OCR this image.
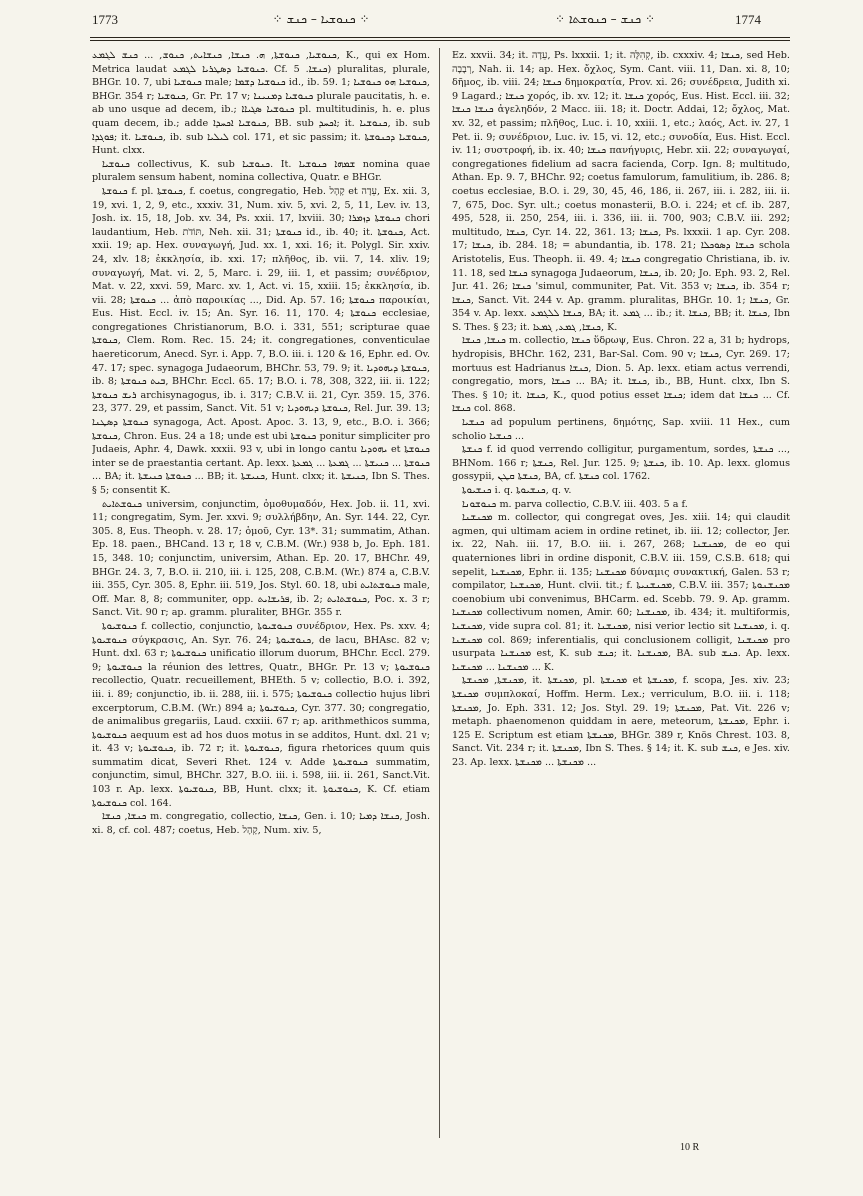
1773	⁘ ܟܢܘܫܝܐ – ܟܢܫ ⁘	⁘ ܟܢܫ – ܟܢܘܫܬܐ ⁘	1774

ܟܢܘܫܝܐ, ܟܢܘܫܬܐ, ܗ. ܟܢܫܐ, ܟܢܫܐܝܬ, ܟܢܘܫ, ... ܟܢܫ ܠܓܡܥ, K., qui ex Hom. Metrica laudat ܟܢܘܫܝܐ ܕܣܛܪܝܐ ܠܓܡܥ. Cf. ܟܢܫܐ. 5) pluralitas, plurale, BHGr. 10. 7, ubi ܟܢܘܫܝܐ male; ܟܢܘܫܝܐ ܕܫܡܐ id., ib. 59. 1; ܟܢܘܫܝܐ ܗܘ ܟܢܘܫܝܐ, BHGr. 354 r; ܟܢܘܫܝܐ, Gr. Pr. 17 v; ܟܢܘܫܝܐ ܕܡܢܝܢܐ plurale paucitatis, h. e. ab uno usque ad decem, ib.; ܟܢܘܫܝܐ ܣܓܝܐܐ pl. multitudinis, h. e. plus quam decem, ib.; adde ܟܢܘܫܝܐ ܐܟܚܕܐ, BB. sub ܐܟܚܕ; it. ܟܢܘܫܝܐ, ib. sub ܦܘܓܕܐ; it. ܟܢܘܫܝܐ, ib. sub ܠܝܠܝܐ col. 171, et sic passim; it. ܟܢܘܫܝܐ ܕܟܢܘܫܬܐ, Hunt. clxx.

ܟܢܘܫܝܐ collectivus, K. sub ܟܢܘܫܝܐ. It. ܫܡܗܐ ܟܢܘܫܝܐ nomina quae pluralem sensum habent, nomina collectiva, Quatr. e BHGr.

ܟܢܘܫܬܐ f. pl. ܟܢܘܫܬܐ, f. coetus, congregatio, Heb. קָהָל et עֵדָה, Ex. xii. 3, 19, xvi. 1, 2, 9, etc., xxxiv. 31, Num. xiv. 5, xvi. 2, 5, 11, Lev. iv. 13, Josh. ix. 15, 18, Job. xv. 34, Ps. xxii. 17, lxviii. 30; ܟܢܘܫܬܐ ܕܙܡܪܐ chori laudantium, Heb. תּוֹדֹת, Neh. xii. 31; ܟܢܘܫܬܐ id., ib. 40; it. ܟܢܘܫܬܐ, Act. xxii. 19; ap. Hex. συναγωγή, Jud. xx. 1, xxi. 16; it. Polygl. Sir. xxiv. 24, xlv. 18; ἐκκλησία, ib. xxi. 17; πλῆθος, ib. vii. 7, 14. xliv. 19; συναγωγή, Mat. vi. 2, 5, Marc. i. 29, iii. 1, et passim; συνέδριον, Mat. v. 22, xxvi. 59, Marc. xv. 1, Act. vi. 15, xxiii. 15; ἐκκλησία, ib. vii. 28; ܟܢܘܫܬܐ ... ἀπὸ παροικίας ..., Did. Ap. 57. 16; ܟܢܘܫܬܐ παροικίαι, Eus. Hist. Eccl. iv. 15; An. Syr. 16. 11, 170. 4; ܟܢܘܫܬܐ ecclesiae, congregationes Christianorum, B.O. i. 331, 551; scripturae quae ܟܢܘܫܬܐ, Clem. Rom. Rec. 15. 24; it. congregationes, conventiculae haereticorum, Anecd. Syr. i. App. 7, B.O. iii. i. 120 & 16, Ephr. ed. Ov. 47. 17; spec. synagoga Judaeorum, BHChr. 53, 79. 9; it. ܟܢܘܫܬܐ ܕܝܗܘܕܝܐ, ib. 8; ܒܝܬ ܟܢܘܫܬܐ, BHChr. Eccl. 65. 17; B.O. i. 78, 308, 322, iii. ii. 122; ܪܝܫ ܟܢܘܫܬܐ archisynagogus, ib. i. 317; C.B.V. ii. 21, Cyr. 359. 15, 376. 23, 377. 29, et passim, Sanct. Vit. 51 v; ܟܢܘܫܬܐ ܕܝܗܘܕܝܐ, Rel. Jur. 39. 13; ܟܢܘܫܬܐ ܕܣܛܢܐ synagoga, Act. Apost. Apoc. 3. 13, 9, etc., B.O. i. 366; ܟܢܘܫܬܐ, Chron. Eus. 24 a 18; unde est ubi ܟܢܘܫܬܐ ponitur simpliciter pro Judaeis, Aphr. 4, Dawk. xxxii. 93 v, ubi in longo cantu ܝܗܘܕܝܐ et ܟܢܘܫܬܐ inter se de praestantia certant. Ap. lexx. ܟܢܘܫܬܐ ... ܟܢܝܫܬܐ ... ܓܡܥܬܐ ... ܓܡܥܬܐ ... BA; it. ܟܢܘܫܬܐ ܟܢܝܫܬܐ ... BB; it. ܟܢܝܫܬܐ, Hunt. clxx; it. ܟܢܝܫܬܐ, Ibn S. Thes. § 5; consentit K.

ܟܢܘܫܬܐܝܬ universim, conjunctim, ὁμοθυμαδόν, Hex. Job. ii. 11, xvi. 11; congregatim, Sym. Jer. xxvi. 9; συλλήβδην, An. Syr. 144. 22, Cyr. 305. 8, Eus. Theoph. v. 28. 17; ὁμοῦ, Cyr. 13*. 31; summatim, Athan. Ep. 18. paen., BHCand. 13 r, 18 v, C.B.M. (Wr.) 938 b, Jo. Eph. 181. 15, 348. 10; conjunctim, universim, Athan. Ep. 20. 17, BHChr. 49, BHGr. 24. 3, 7, B.O. ii. 210, iii. i. 125, 208, C.B.M. (Wr.) 874 a, C.B.V. iii. 355, Cyr. 305. 8, Ephr. iii. 519, Jos. Styl. 60. 18, ubi ܟܢܘܫܬܐܝܬ male, Off. Mar. 8, 8; communiter, opp. ܦܪܝܫܐܝܬ, ib. 2; ܟܢܘܫܬܐܝܬ, Poc. x. 3 r; Sanct. Vit. 90 r; ap. gramm. pluraliter, BHGr. 355 r.

ܟܢܘܫܝܘܬܐ f. collectio, conjunctio, ܟܢܘܫܝܘܬܐ συνέδριον, Hex. Ps. xxv. 4; ܟܢܘܫܝܘܬܐ σύγκρασις, An. Syr. 76. 24; ܟܢܘܫܝܘܬܐ, de lacu, BHAsc. 82 v; Hunt. dxl. 63 r; ܟܢܘܫܝܘܬܐ unificatio illorum duorum, BHChr. Eccl. 279. 9; ܟܢܘܫܝܘܬܐ la réunion des lettres, Quatr., BHGr. Pr. 13 v; ܟܢܘܫܝܘܬܐ recollectio, Quatr. recueillement, BHEth. 5 v; collectio, B.O. i. 392, iii. i. 89; conjunctio, ib. ii. 288, iii. i. 575; ܟܢܘܫܝܘܬܐ collectio hujus libri excerptorum, C.B.M. (Wr.) 894 a; ܟܢܘܫܝܘܬܐ, Cyr. 377. 30; congregatio, de animalibus gregariis, Laud. cxxiii. 67 r; ap. arithmethicos summa, ܟܢܘܫܝܘܬܐ aequum est ad hos duos motus in se additos, Hunt. dxl. 21 v; it. 43 v; ܟܢܘܫܝܘܬܐ, ib. 72 r; it. ܟܢܘܫܝܘܬܐ, figura rhetorices quum quis summatim dicat, Severi Rhet. 124 v. Adde ܟܢܘܫܝܘܬܐ summatim, conjunctim, simul, BHChr. 327, B.O. iii. i. 598, iii. ii. 261, Sanct.Vit. 103 r. Ap. lexx. ܟܢܘܫܝܘܬܐ, BB, Hunt. clxx; it. ܟܢܘܫܝܘܬܐ, K. Cf. etiam ܟܢܘܫܝܘܬܐ col. 164.

ܟܢܫܐ, ܟܢܫܐ m. congregatio, collectio, ܟܢܫܐ, Gen. i. 10; ܟܢܫܐ ܕܡܝܐ, Josh. xi. 8, cf. col. 487; coetus, Heb. קָהָל, Num. xiv. 5,

Ez. xxvii. 34; it. עֵדָה, Ps. lxxxii. 1; it. קְהִלָּה, ib. cxxxiv. 4; ܟܢܫܐ, sed Heb. רְבָבָה, Nah. ii. 14; ap. Hex. ὄχλος, Sym. Cant. viii. 11, Dan. xi. 8, 10; δῆμος, ib. viii. 24; ܟܢܫܐ δημοκρατία, Prov. xi. 26; συνέδρεια, Judith xi. 9 Lagard.; ܟܢܫܐ χορός, ib. xv. 12; it. ܟܢܫܐ χορός, Eus. Hist. Eccl. iii. 32; ܟܢܫܐ ܟܢܫܐ ἀγεληδόν, 2 Macc. iii. 18; it. Doctr. Addai, 12; ὄχλος, Mat. xv. 32, et passim; πλῆθος, Luc. i. 10, xxiii. 1, etc.; λαός, Act. iv. 27, 1 Pet. ii. 9; συνέδριον, Luc. iv. 15, vi. 12, etc.; συνοδία, Eus. Hist. Eccl. iv. 11; συστροφή, ib. ix. 40; ܟܢܫܐ πανήγυρις, Hebr. xii. 22; συναγωγαί, congregationes fidelium ad sacra facienda, Corp. Ign. 8; multitudo, Athan. Ep. 9. 7, BHChr. 92; coetus famulorum, famulitium, ib. 286. 8; coetus ecclesiae, B.O. i. 29, 30, 45, 46, 186, ii. 267, iii. i. 282, iii. ii. 7, 675, Doc. Syr. ult.; coetus monasterii, B.O. i. 224; et cf. ib. 287, 495, 528, ii. 250, 254, iii. i. 336, iii. ii. 700, 903; C.B.V. iii. 292; multitudo, ܟܢܫܐ, Cyr. 14. 22, 361. 13; ܟܢܫܐ, Ps. lxxxii. 1 ap. Cyr. 208. 17; ܟܢܫܐ, ib. 284. 18; = abundantia, ib. 178. 21; ܟܢܫܐ ܕܣܘܟܠܐ schola Aristotelis, Eus. Theoph. ii. 49. 4; ܟܢܫܐ congregatio Christiana, ib. iv. 11. 18, sed ܟܢܫܐ synagoga Judaeorum, ܟܢܫܐ, ib. 20; Jo. Eph. 93. 2, Rel. Jur. 41. 26; ܟܢܫܐ 'simul, communiter, Pat. Vit. 353 v; ܟܢܫܐ, ib. 354 r; ܟܢܫܐ, Sanct. Vit. 244 v. Ap. gramm. pluralitas, BHGr. 10. 1; ܟܢܫܐ, Gr. 354 v. Ap. lexx. ܟܢܫܐ ܠܠܓܡܥ, BA; it. ܓܡܥ ... ib.; it. ܟܢܫܐ, BB; it. ܟܢܫܐ, Ibn S. Thes. § 23; it. ܟܢܫܐ, ܓܡܥ, ܓܡܥܐ, K.

ܟܢܫܐ, ܟܢܫܐ m. collectio, ܟܢܫܐ ὕδρωψ, Eus. Chron. 22 a, 31 b; hydrops, hydropisis, BHChr. 162, 231, Bar-Sal. Com. 90 v; ܟܢܫܐ, Cyr. 269. 17; mortuus est Hadrianus ܟܢܫܐ, Dion. 5. Ap. lexx. etiam actus verrendi, congregatio, mors, ܟܢܫܐ ... BA; it. ܟܢܫܐ, ib., BB, Hunt. clxx, Ibn S. Thes. § 10; it. ܟܢܫܐ, K., quod potius esset ܟܢܫܐ; idem dat ܟܢܫܐ ... Cf. ܟܢܫܐ col. 868.

ܟܢܫܝܐ ad populum pertinens, δημότης, Sap. xviii. 11 Hex., cum scholio ܟܢܫܝܐ ...

ܟܢܫܬܐ f. id quod verrendo colligitur, purgamentum, sordes, ܟܢܫܬܐ ..., BHNom. 166 r; ܟܢܫܬܐ, Rel. Jur. 125. 9; ܟܢܫܬܐ, ib. 10. Ap. lexx. glomus gossypii, ܟܢܫܬܐ ܩܛܢ, BA, cf. ܟܢܫܬܐ col. 1762.

ܟܢܫܝܘܬܐ i. q. ܟܢܫܝܘܬܐ, q. v.

ܟܢܘܫܘܢܐ m. parva collectio, C.B.V. iii. 403. 5 a f.

ܡܟܢܫܢܐ m. collector, qui congregat oves, Jes. xiii. 14; qui claudit agmen, qui ultimam aciem in ordine retinet, ib. iii. 12; collector, Jer. ix. 22, Nah. iii. 17, B.O. iii. i. 267, 268; ܡܟܢܫܢܐ, de eo qui quaterniones libri in ordine disponit, C.B.V. iii. 159, C.S.B. 618; qui sepelit, ܡܟܢܫܢܐ, Ephr. ii. 135; ܡܟܢܫܢܐ δύναμις συνακτική, Galen. 53 r; compilator, ܡܟܢܫܢܐ, Hunt. clvii. tit.; f. ܡܟܢܫܢܝܬܐ, C.B.V. iii. 357; ܡܟܢܫܢܘܬܐ coenobium ubi convenimus, BHCarm. ed. Scebb. 79. 9. Ap. gramm. ܡܟܢܫܢܐ collectivum nomen, Amir. 60; ܡܟܢܫܢܐ, ib. 434; it. multiformis, ܡܟܢܫܢܐ, vide supra col. 81; it. ܡܟܢܫܢܐ, nisi verior lectio sit ܡܟܢܫܢܐ, i. q. ܡܟܢܫܢܐ col. 869; inferentialis, qui conclusionem colligit, ܡܟܢܫܢܐ pro usurpata ܡܟܢܫܢܐ est, K. sub ܟܢܫ; it. ܡܟܢܫܢܐ, BA. sub ܟܢܫ. Ap. lexx. ܡܟܢܫܢܐ ... ܡܟܢܫܢܐ ... K.

ܡܟܢܫܬܐ, ܡܟܢܫܬܐ, it. ܡܟܢܫܬܐ, pl. ܡܟܢܫܬܐ et ܡܟܢܫܬܐ, f. scopa, Jes. xiv. 23; ܡܟܢܫܬܐ συμπλοκαί, Hoffm. Herm. Lex.; verriculum, B.O. iii. i. 118; ܡܟܢܫܬܐ, Jo. Eph. 331. 12; Jos. Styl. 29. 19; ܡܟܢܫܬܐ, Pat. Vit. 226 v; metaph. phaenomenon quiddam in aere, meteorum, ܡܟܢܫܬܐ, Ephr. i. 125 E. Scriptum est etiam ܡܟܢܫܬܐ, BHGr. 389 r, Knös Chrest. 103. 8, Sanct. Vit. 234 r; it. ܡܟܢܫܬܐ, Ibn S. Thes. § 14; it. K. sub ܟܢܫ, e Jes. xiv. 23. Ap. lexx. ܡܟܢܫܬܐ ... ܡܟܢܫܬܐ ...

10 R
